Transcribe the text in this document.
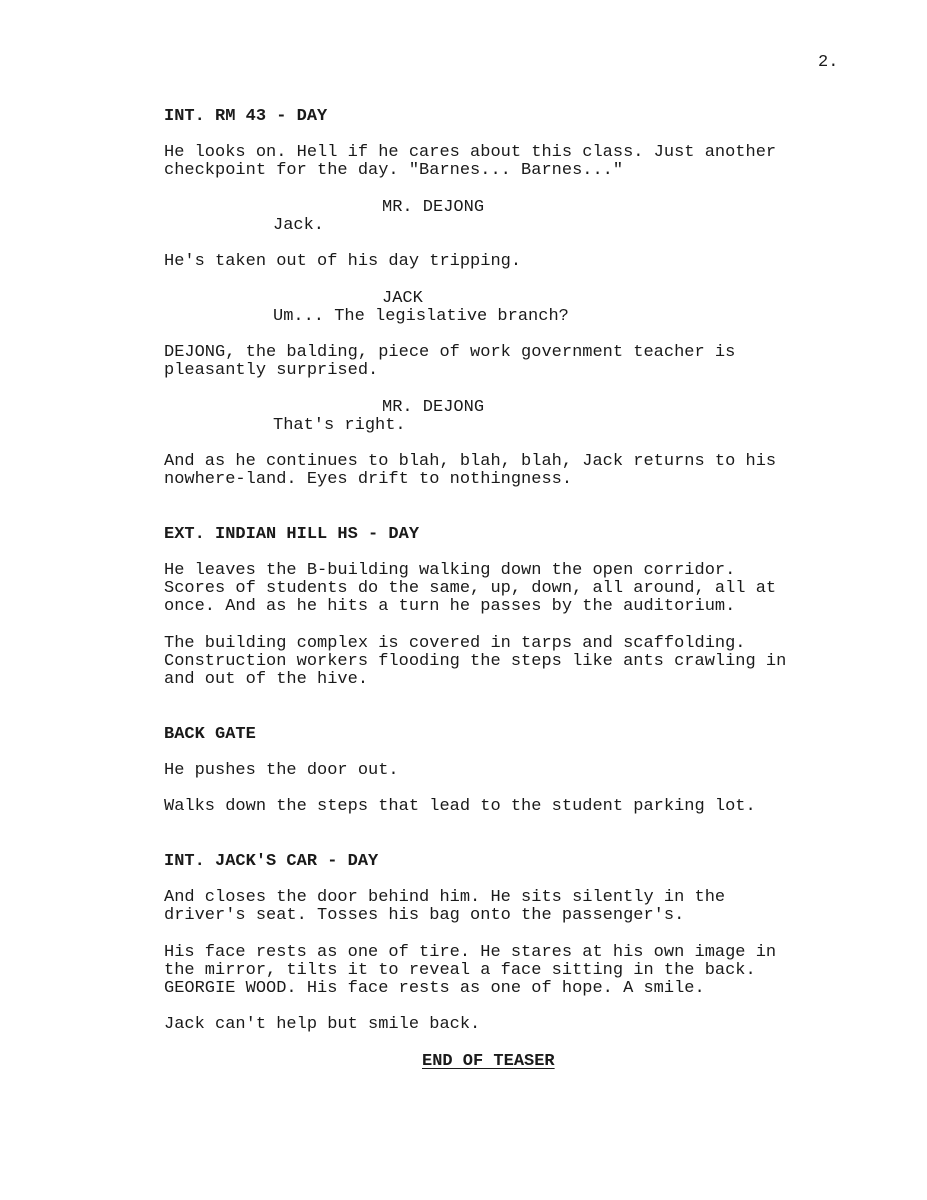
2.
INT. RM 43 - DAY
He looks on. Hell if he cares about this class. Just another
checkpoint for the day. "Barnes... Barnes..."
MR. DEJONG
Jack.
He's taken out of his day tripping.
JACK
Um... The legislative branch?
DEJONG, the balding, piece of work government teacher is
pleasantly surprised.
MR. DEJONG
That's right.
And as he continues to blah, blah, blah, Jack returns to his
nowhere-land. Eyes drift to nothingness.
EXT. INDIAN HILL HS - DAY
He leaves the B-building walking down the open corridor.
Scores of students do the same, up, down, all around, all at
once. And as he hits a turn he passes by the auditorium.
The building complex is covered in tarps and scaffolding.
Construction workers flooding the steps like ants crawling in
and out of the hive.
BACK GATE
He pushes the door out.
Walks down the steps that lead to the student parking lot.
INT. JACK'S CAR - DAY
And closes the door behind him. He sits silently in the
driver's seat. Tosses his bag onto the passenger's.
His face rests as one of tire. He stares at his own image in
the mirror, tilts it to reveal a face sitting in the back.
GEORGIE WOOD. His face rests as one of hope. A smile.
Jack can't help but smile back.
END OF TEASER
